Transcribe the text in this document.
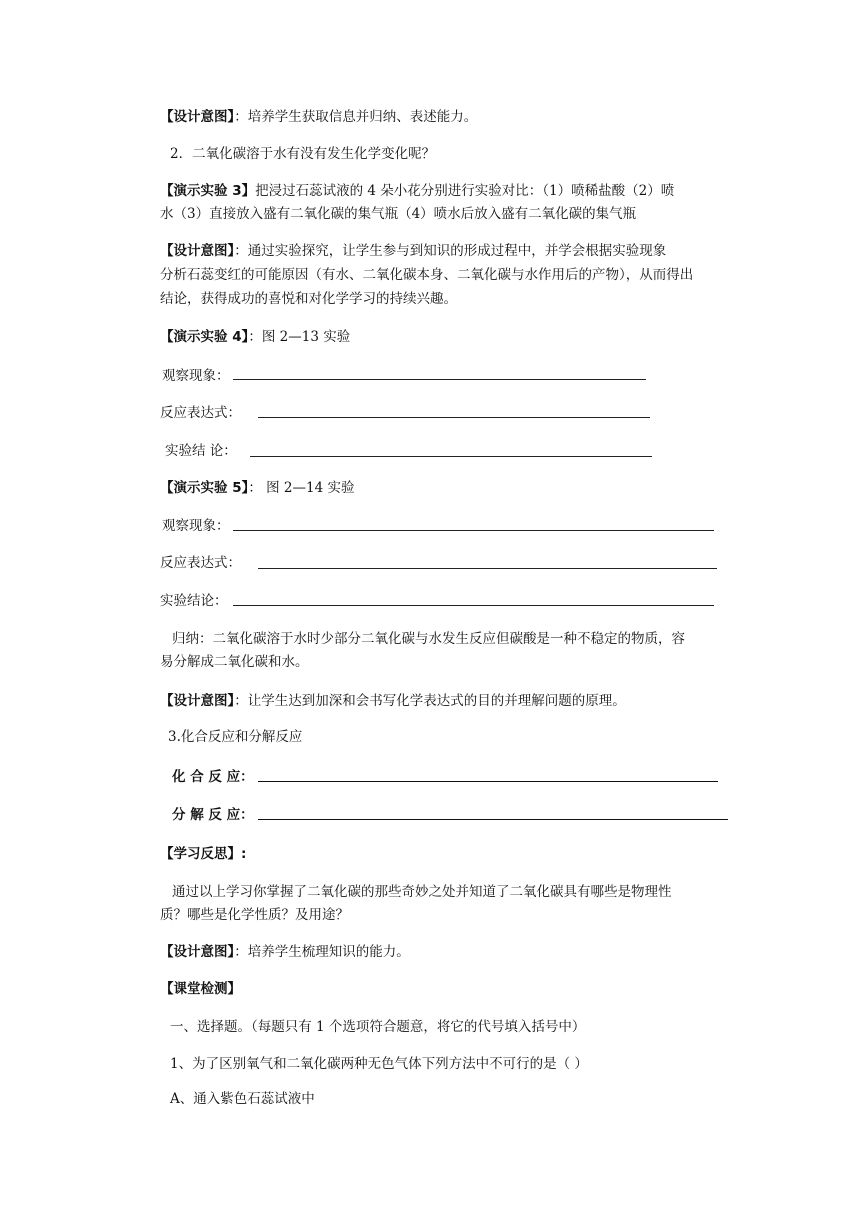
【设计意图】：培养学生获取信息并归纳、表述能力。
2．二氧化碳溶于水有没有发生化学变化呢？
【演示实验 3】把浸过石蕊试液的 4 朵小花分别进行实验对比：（1）喷稀盐酸（2）喷
水（3）直接放入盛有二氧化碳的集气瓶（4）喷水后放入盛有二氧化碳的集气瓶
【设计意图】：通过实验探究，让学生参与到知识的形成过程中，并学会根据实验现象
分析石蕊变红的可能原因（有水、二氧化碳本身、二氧化碳与水作用后的产物），从而得出
结论，获得成功的喜悦和对化学学习的持续兴趣。
【演示实验 4】：图 2—13 实验
观察现象：
反应表达式：
实验结 论：
【演示实验 5】： 图 2—14 实验
观察现象：
反应表达式：
实验结论：
归纳：二氧化碳溶于水时少部分二氧化碳与水发生反应但碳酸是一种不稳定的物质，容
易分解成二氧化碳和水。
【设计意图】：让学生达到加深和会书写化学表达式的目的并理解问题的原理。
3.化合反应和分解反应
化 合 反 应：
分 解 反 应：
【学习反思】:
通过以上学习你掌握了二氧化碳的那些奇妙之处并知道了二氧化碳具有哪些是物理性
质？哪些是化学性质？及用途？
【设计意图】：培养学生梳理知识的能力。
【课堂检测】
一、选择题。（每题只有 1 个选项符合题意，将它的代号填入括号中）
1、为了区别氧气和二氧化碳两种无色气体下列方法中不可行的是（ ）
A、通入紫色石蕊试液中
